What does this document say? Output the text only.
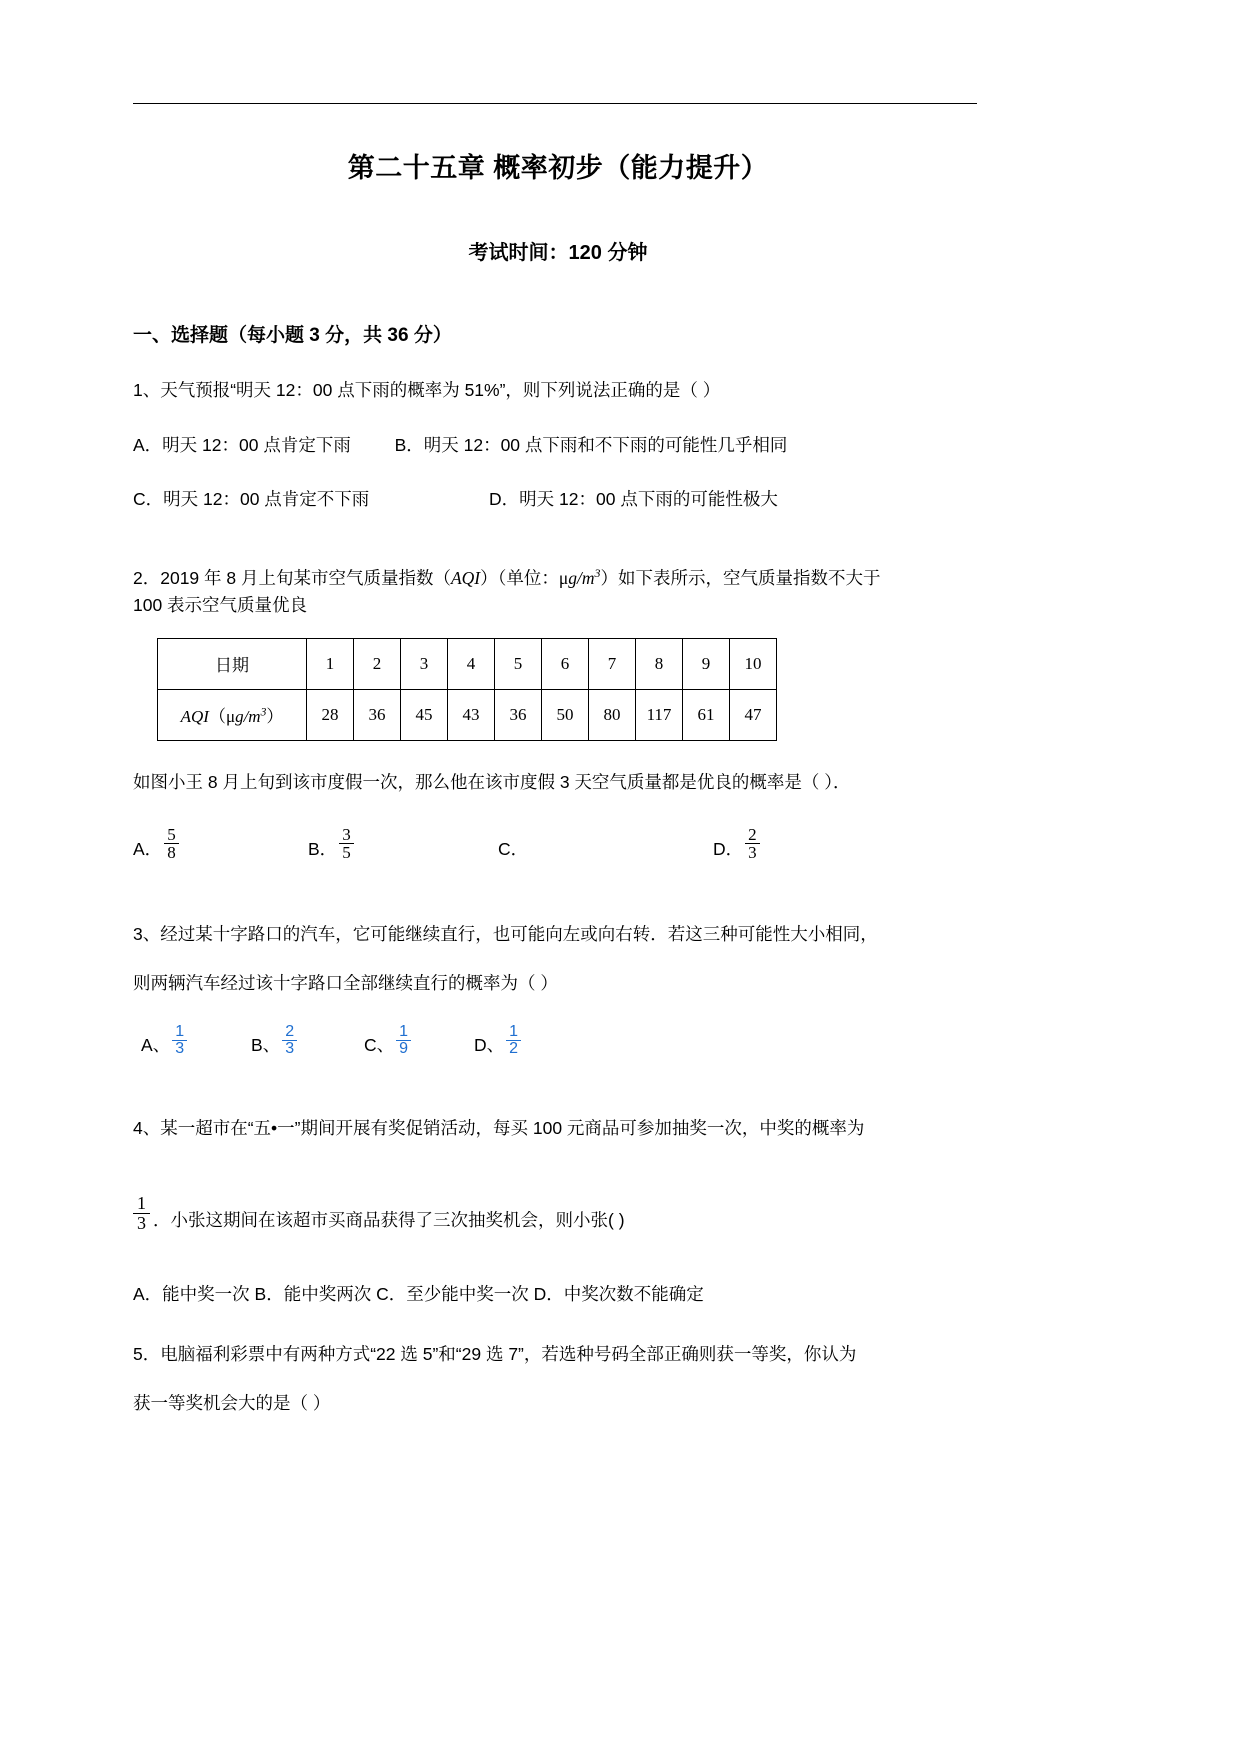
第二十五章 概率初步（能力提升）
考试时间：120 分钟
一、选择题（每小题 3 分，共 36 分）
1、天气预报“明天 12：00 点下雨的概率为 51%”，则下列说法正确的是（ ）
A．明天 12：00 点肯定下雨	B．明天 12：00 点下雨和不下雨的可能性几乎相同
C．明天 12：00 点肯定不下雨	D．明天 12：00 点下雨的可能性极大
2．2019 年 8 月上旬某市空气质量指数（AQI）（单位：$\mu g/m^3$）如下表所示，空气质量指数不大于
100 表示空气质量优良
日期	1	2	3	4	5	6	7	8	9	10
$AQI(\mu g/m^3)$	28	36	45	43	36	50	80	117	61	47
如图小王 8 月上旬到该市度假一次，那么他在该市度假 3 天空气质量都是优良的概率是（ ）．
A． $\frac{5}{8}$	B． $\frac{3}{5}$	C．	D． $\frac{2}{3}$
3、经过某十字路口的汽车，它可能继续直行，也可能向左或向右转．若这三种可能性大小相同，
则两辆汽车经过该十字路口全部继续直行的概率为（ ）
A、 $\frac{1}{3}$	B、 $\frac{2}{3}$	C、 $\frac{1}{9}$	D、 $\frac{1}{2}$
4、某一超市在“五•一”期间开展有奖促销活动，每买 100 元商品可参加抽奖一次，中奖的概率为
$\frac{1}{3}$ ．小张这期间在该超市买商品获得了三次抽奖机会，则小张( )
A．能中奖一次 B．能中奖两次 C．至少能中奖一次 D．中奖次数不能确定
5．电脑福利彩票中有两种方式“22 选 5”和“29 选 7”，若选种号码全部正确则获一等奖，你认为
获一等奖机会大的是（ ）
